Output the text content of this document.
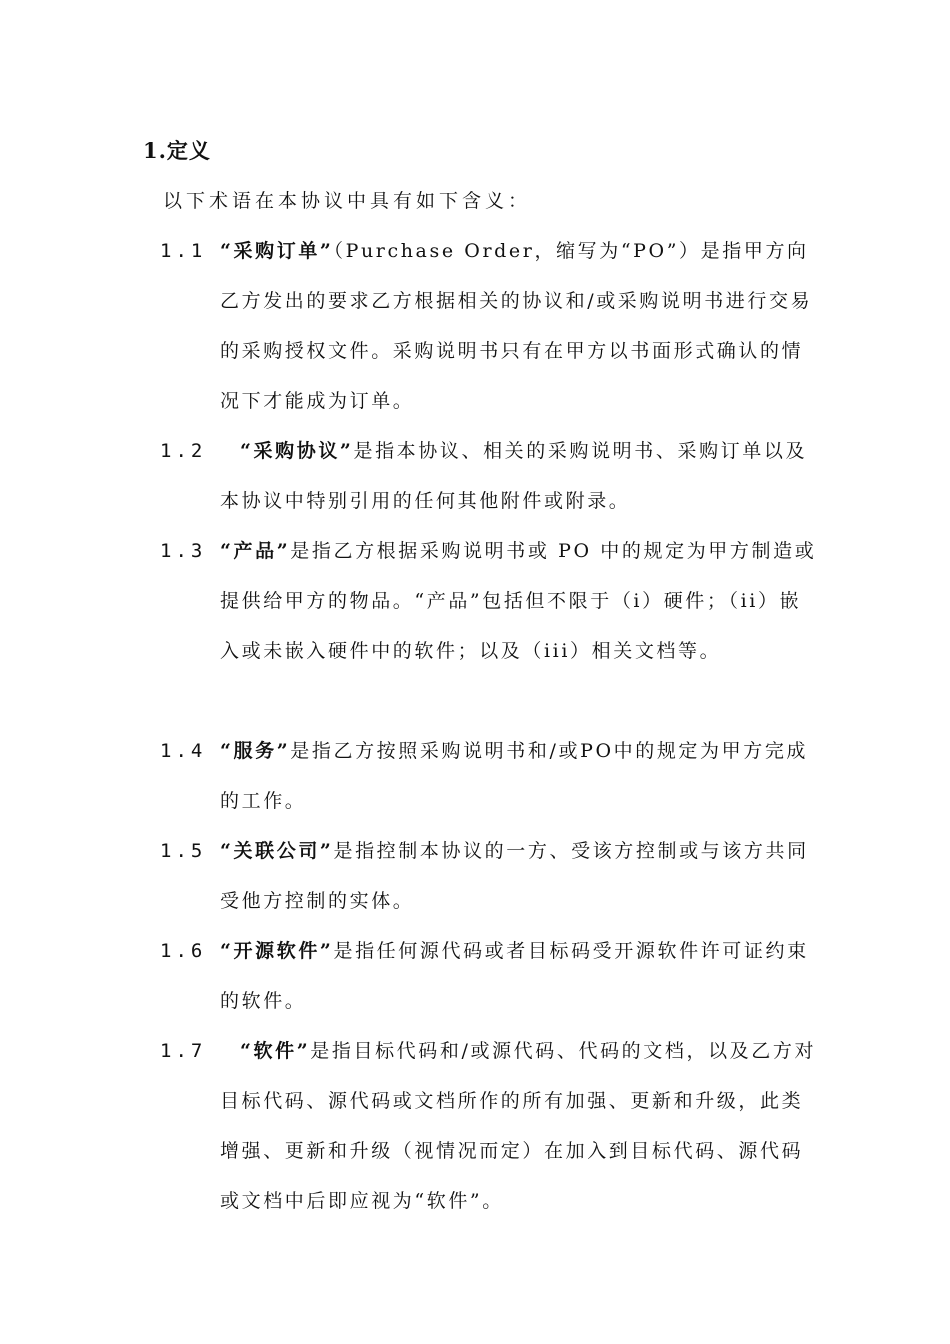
1.定义
以下术语在本协议中具有如下含义：
1.1 “采购订单”（Purchase Order，缩写为“PO”）是指甲方向乙方发出的要求乙方根据相关的协议和/或采购说明书进行交易的采购授权文件。采购说明书只有在甲方以书面形式确认的情况下才能成为订单。
1.2	“采购协议”是指本协议、相关的采购说明书、采购订单以及本协议中特别引用的任何其他附件或附录。
1.3 “产品”是指乙方根据采购说明书或 PO 中的规定为甲方制造或提供给甲方的物品。“产品”包括但不限于（i）硬件；（ii）嵌入或未嵌入硬件中的软件；以及（iii）相关文档等。
1.4 “服务”是指乙方按照采购说明书和/或PO中的规定为甲方完成的工作。
1.5 “关联公司”是指控制本协议的一方、受该方控制或与该方共同受他方控制的实体。
1.6 “开源软件”是指任何源代码或者目标码受开源软件许可证约束的软件。
1.7	“软件”是指目标代码和/或源代码、代码的文档，以及乙方对目标代码、源代码或文档所作的所有加强、更新和升级，此类增强、更新和升级（视情况而定）在加入到目标代码、源代码或文档中后即应视为“软件”。
